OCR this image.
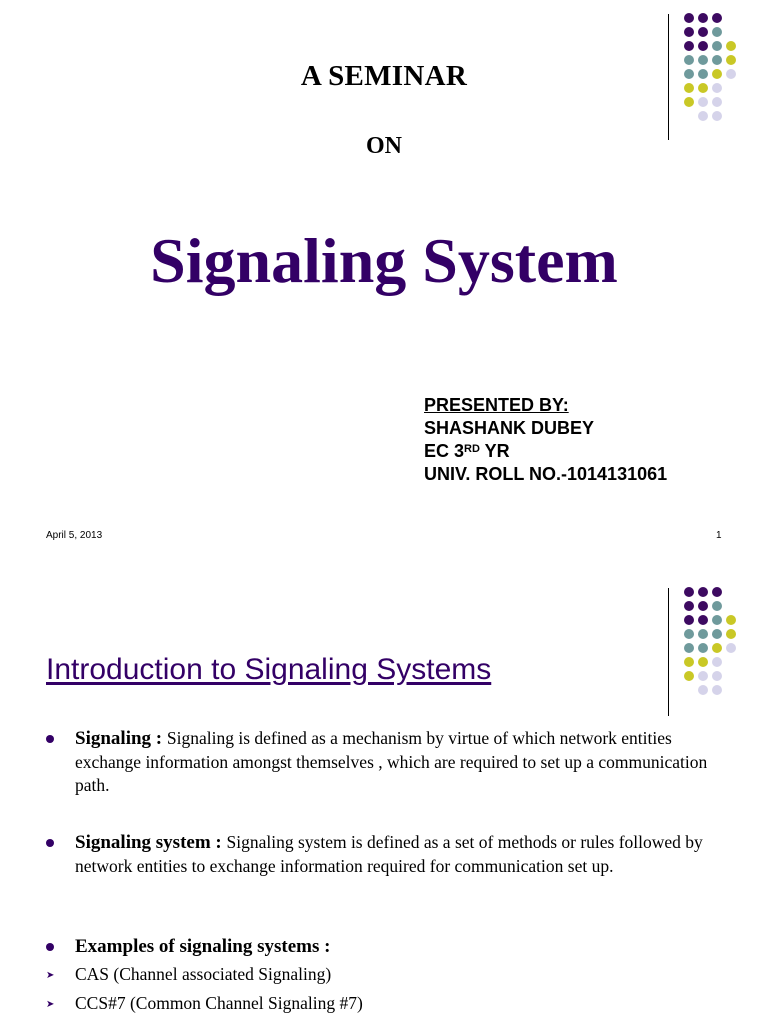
A SEMINAR
ON
Signaling System
PRESENTED BY:
SHASHANK DUBEY
EC 3RD YR
UNIV. ROLL NO.-1014131061
April 5, 2013	1
Introduction to Signaling Systems
Signaling : Signaling is defined as a mechanism by virtue of which network entities exchange information amongst themselves , which are required to set up a communication path.
Signaling system : Signaling system is defined as a set of methods or rules followed by network entities to exchange information required for communication set up.
Examples of signaling systems :
➤ CAS (Channel associated Signaling)
➤ CCS#7 (Common Channel Signaling #7)
